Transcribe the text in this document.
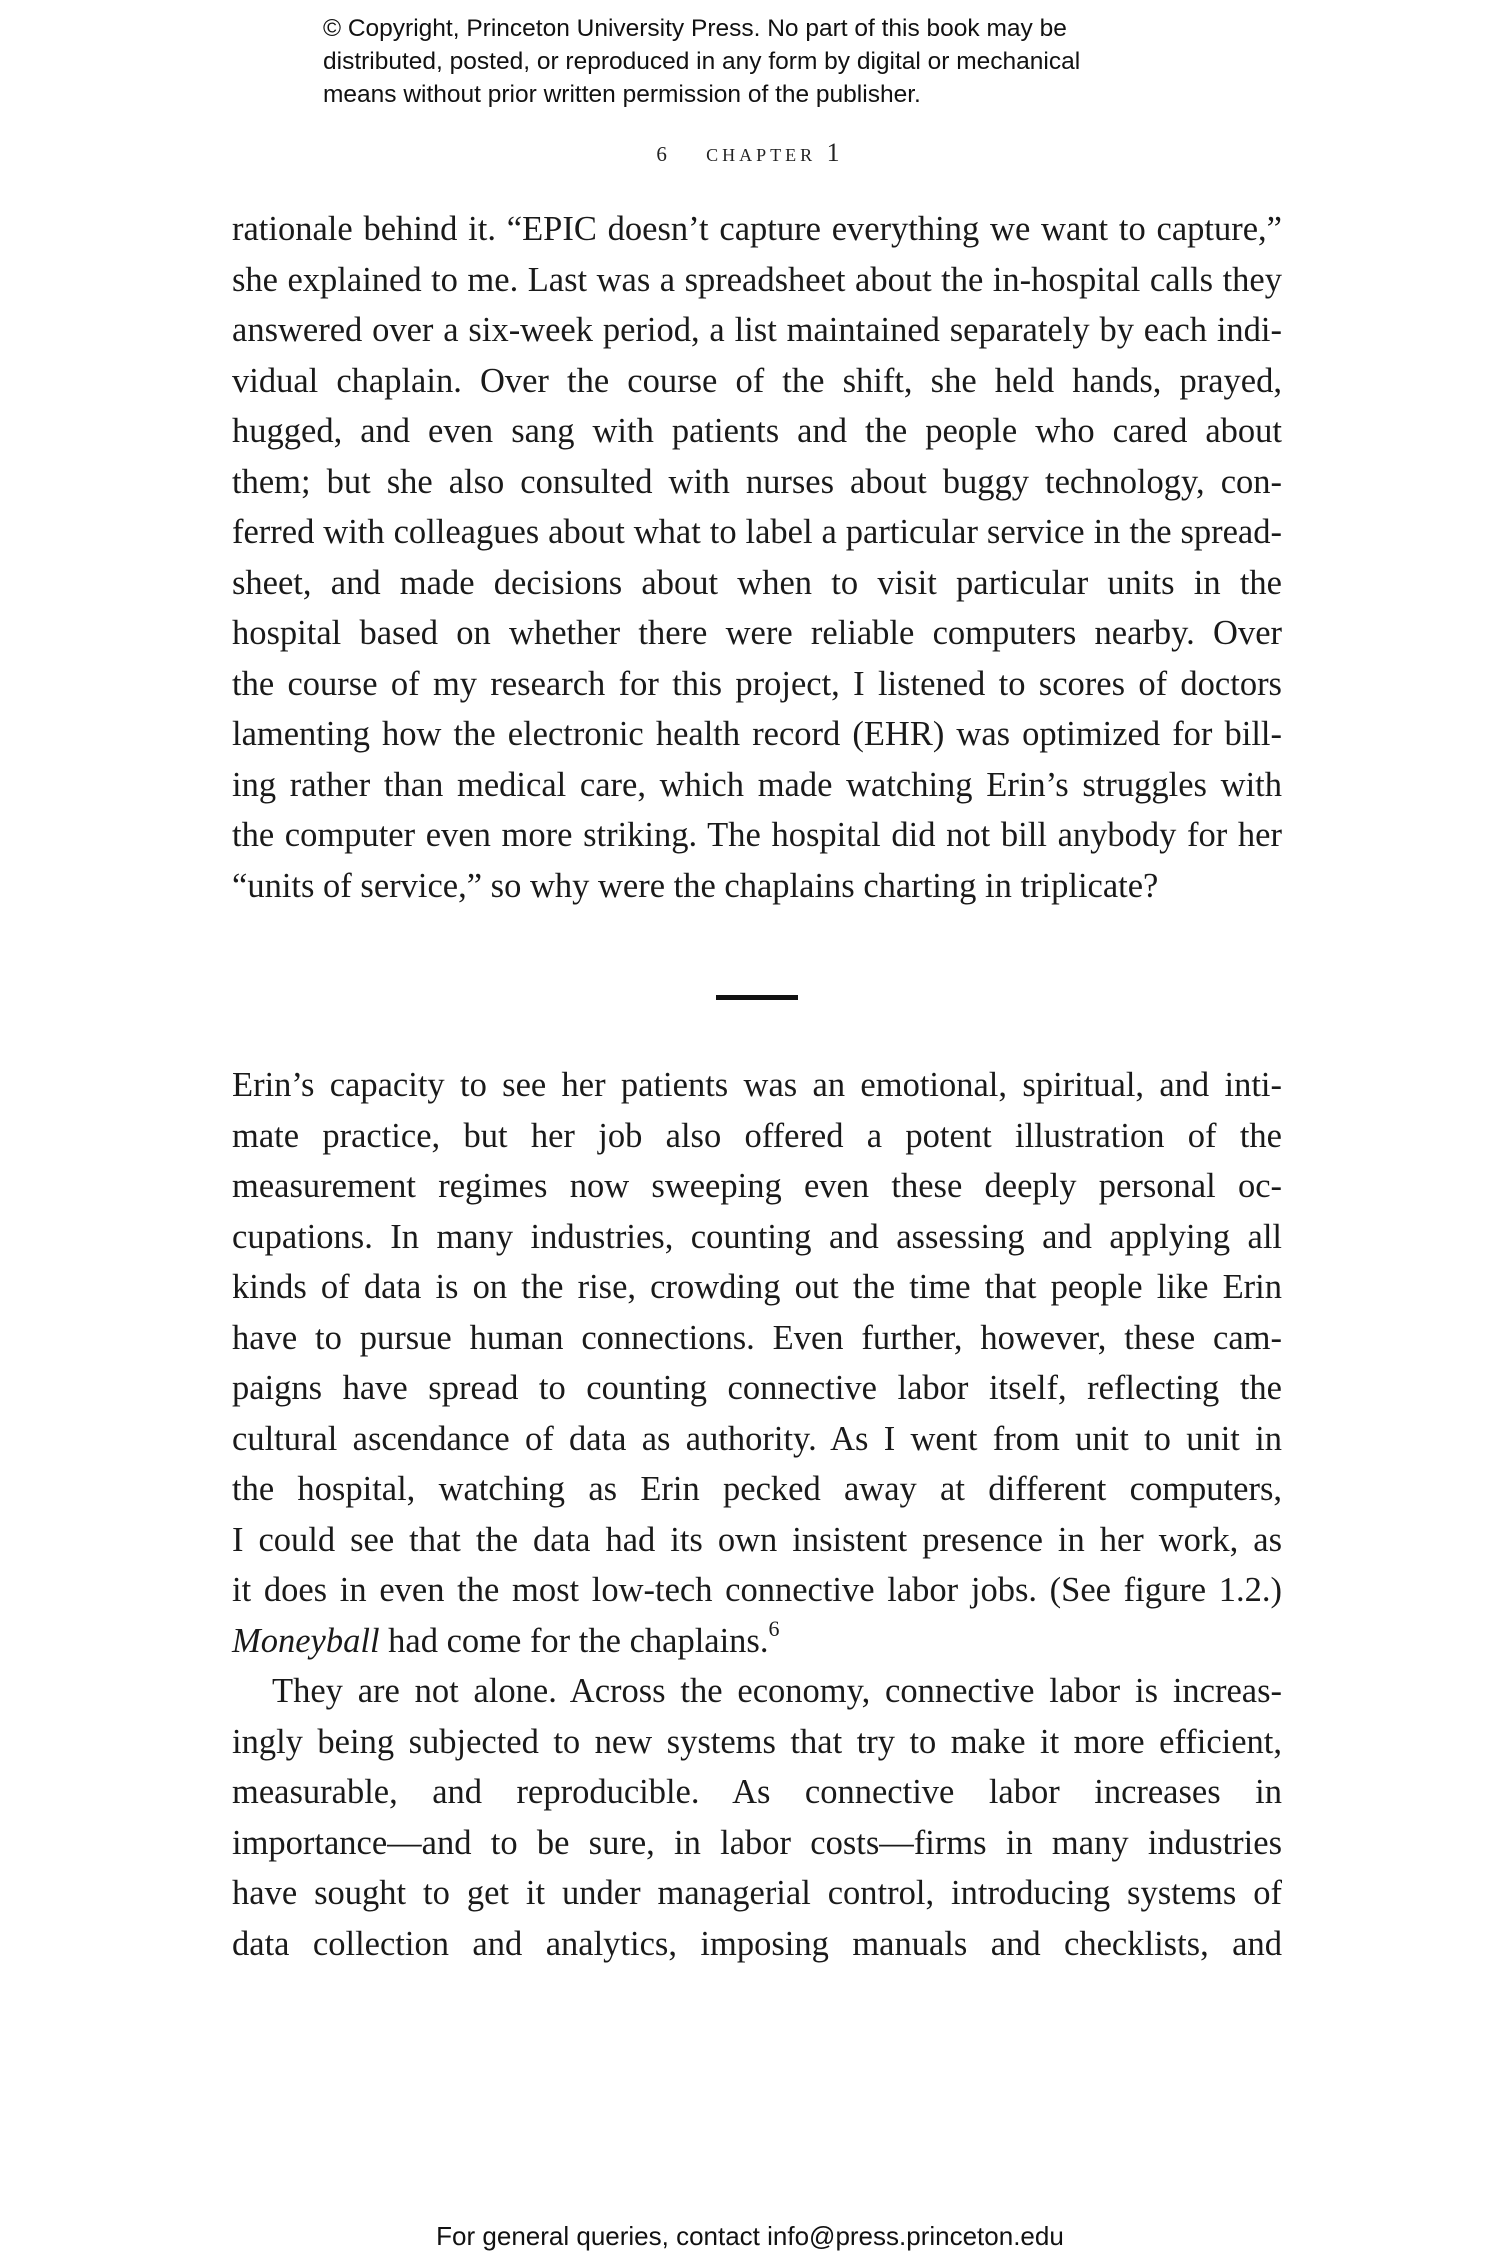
© Copyright, Princeton University Press. No part of this book may be
distributed, posted, or reproduced in any form by digital or mechanical
means without prior written permission of the publisher.
6 chapter 1
rationale behind it. “EPIC doesn’t capture everything we want to capture,”
she explained to me. Last was a spreadsheet about the in-hospital calls they
answered over a six-week period, a list maintained separately by each indi-
vidual chaplain. Over the course of the shift, she held hands, prayed,
hugged, and even sang with patients and the people who cared about
them; but she also consulted with nurses about buggy technology, con-
ferred with colleagues about what to label a particular service in the spread-
sheet, and made decisions about when to visit particular units in the
hospital based on whether there were reliable computers nearby. Over
the course of my research for this project, I listened to scores of doctors
lamenting how the electronic health record (EHR) was optimized for bill-
ing rather than medical care, which made watching Erin’s struggles with
the computer even more striking. The hospital did not bill anybody for her
“units of service,” so why were the chaplains charting in triplicate?
Erin’s capacity to see her patients was an emotional, spiritual, and inti-
mate practice, but her job also offered a potent illustration of the
measurement regimes now sweeping even these deeply personal oc-
cupations. In many industries, counting and assessing and applying all
kinds of data is on the rise, crowding out the time that people like Erin
have to pursue human connections. Even further, however, these cam-
paigns have spread to counting connective labor itself, reflecting the
cultural ascendance of data as authority. As I went from unit to unit in
the hospital, watching as Erin pecked away at different computers,
I could see that the data had its own insistent presence in her work, as
it does in even the most low-tech connective labor jobs. (See figure 1.2.)
Moneyball had come for the chaplains.$^6$
They are not alone. Across the economy, connective labor is increas-
ingly being subjected to new systems that try to make it more efficient,
measurable, and reproducible. As connective labor increases in
importance—and to be sure, in labor costs—firms in many industries
have sought to get it under managerial control, introducing systems of
data collection and analytics, imposing manuals and checklists, and
For general queries, contact info@press.princeton.edu
